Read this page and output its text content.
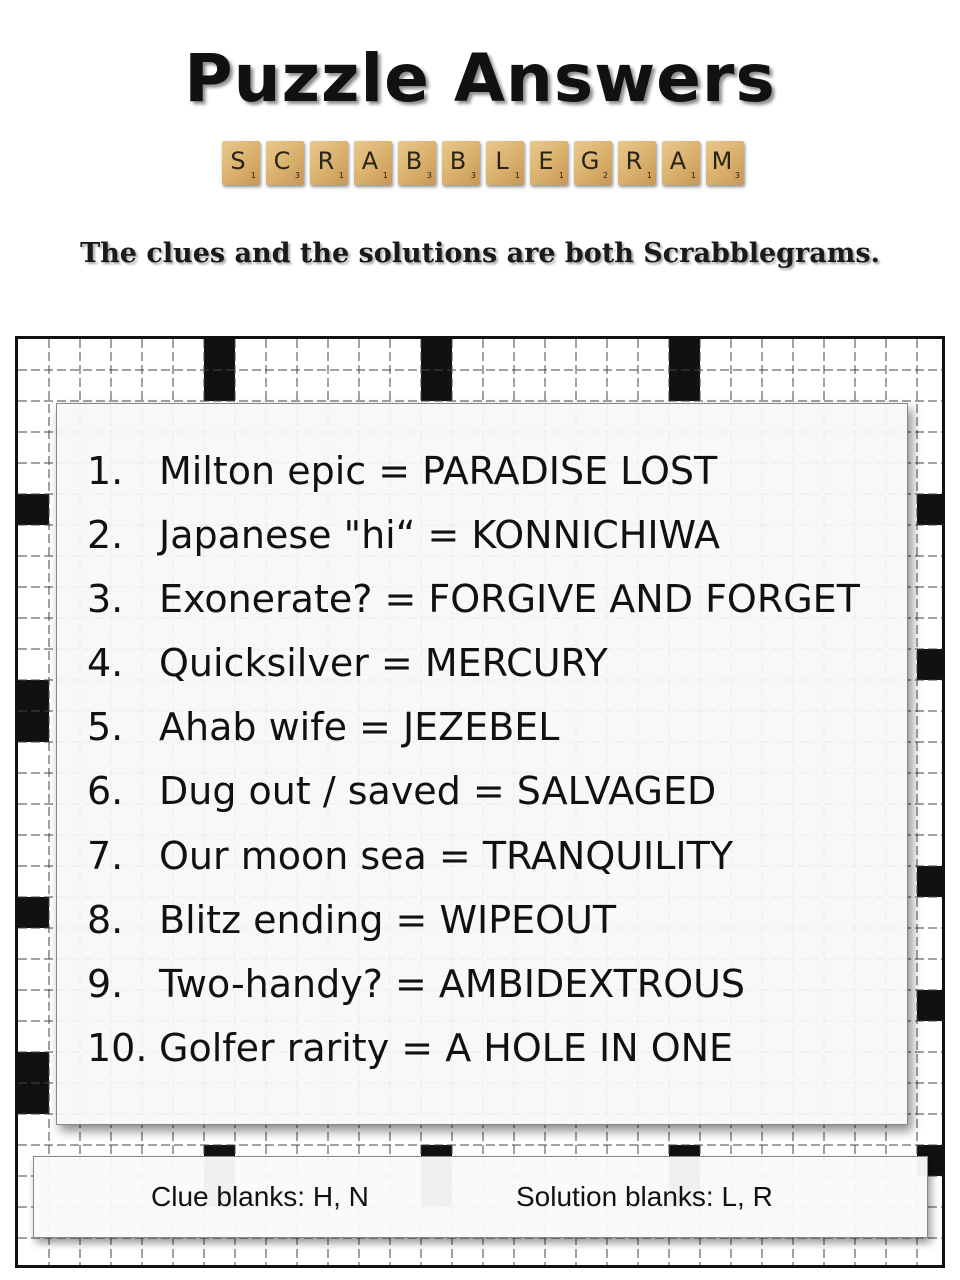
Puzzle Answers
S
1
C
3
R
1
A
1
B
3
B
3
L
1
E
1
G
2
R
1
A
1
M
3
The clues and the solutions are both Scrabblegrams.
1. Milton epic = PARADISE LOST
2. Japanese "hi“ = KONNICHIWA
3. Exonerate? = FORGIVE AND FORGET
4. Quicksilver = MERCURY
5. Ahab wife = JEZEBEL
6. Dug out / saved = SALVAGED
7. Our moon sea = TRANQUILITY
8. Blitz ending = WIPEOUT
9. Two-handy? = AMBIDEXTROUS
10. Golfer rarity = A HOLE IN ONE
Clue blanks: H, N	Solution blanks: L, R
